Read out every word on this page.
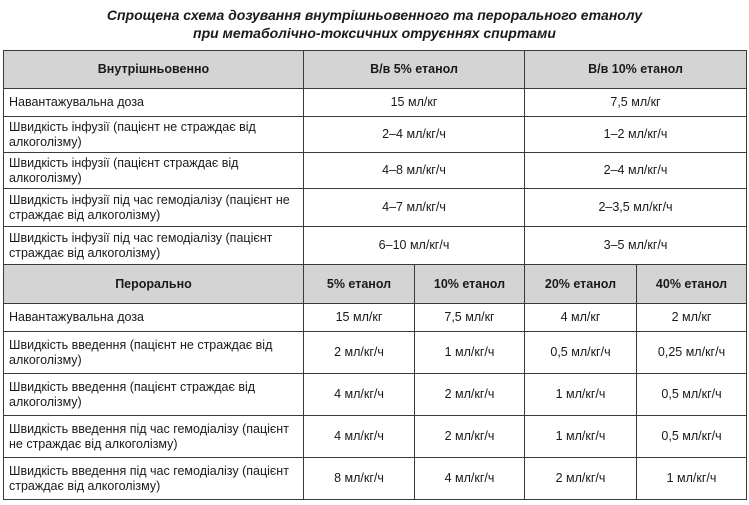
Спрощена схема дозування внутрішньовенного та перорального етанолу
при метаболічно-токсичних отруєннях спиртами
Внутрішньовенно	В/в 5% етанол		В/в 10% етанол	
Навантажувальна доза	15 мл/кг		7,5 мл/кг	
Швидкість інфузії (пацієнт не страждає від алкоголізму)	2–4 мл/кг/ч		1–2 мл/кг/ч	
Швидкість інфузії (пацієнт страждає від алкоголізму)	4–8 мл/кг/ч		2–4 мл/кг/ч	
Швидкість інфузії під час гемодіалізу (пацієнт не страждає від алкоголізму)	4–7 мл/кг/ч		2–3,5 мл/кг/ч	
Швидкість інфузії під час гемодіалізу (пацієнт страждає від алкоголізму)	6–10 мл/кг/ч		3–5 мл/кг/ч	
Перорально	5% етанол	10% етанол	20% етанол	40% етанол
Навантажувальна доза	15 мл/кг	7,5 мл/кг	4 мл/кг	2 мл/кг
Швидкість введення (пацієнт не страждає від алкоголізму)	2 мл/кг/ч	1 мл/кг/ч	0,5 мл/кг/ч	0,25 мл/кг/ч
Швидкість введення (пацієнт страждає від алкоголізму)	4 мл/кг/ч	2 мл/кг/ч	1 мл/кг/ч	0,5 мл/кг/ч
Швидкість введення під час гемодіалізу (пацієнт не страждає від алкоголізму)	4 мл/кг/ч	2 мл/кг/ч	1 мл/кг/ч	0,5 мл/кг/ч
Швидкість введення під час гемодіалізу (пацієнт страждає від алкоголізму)	8 мл/кг/ч	4 мл/кг/ч	2 мл/кг/ч	1 мл/кг/ч
